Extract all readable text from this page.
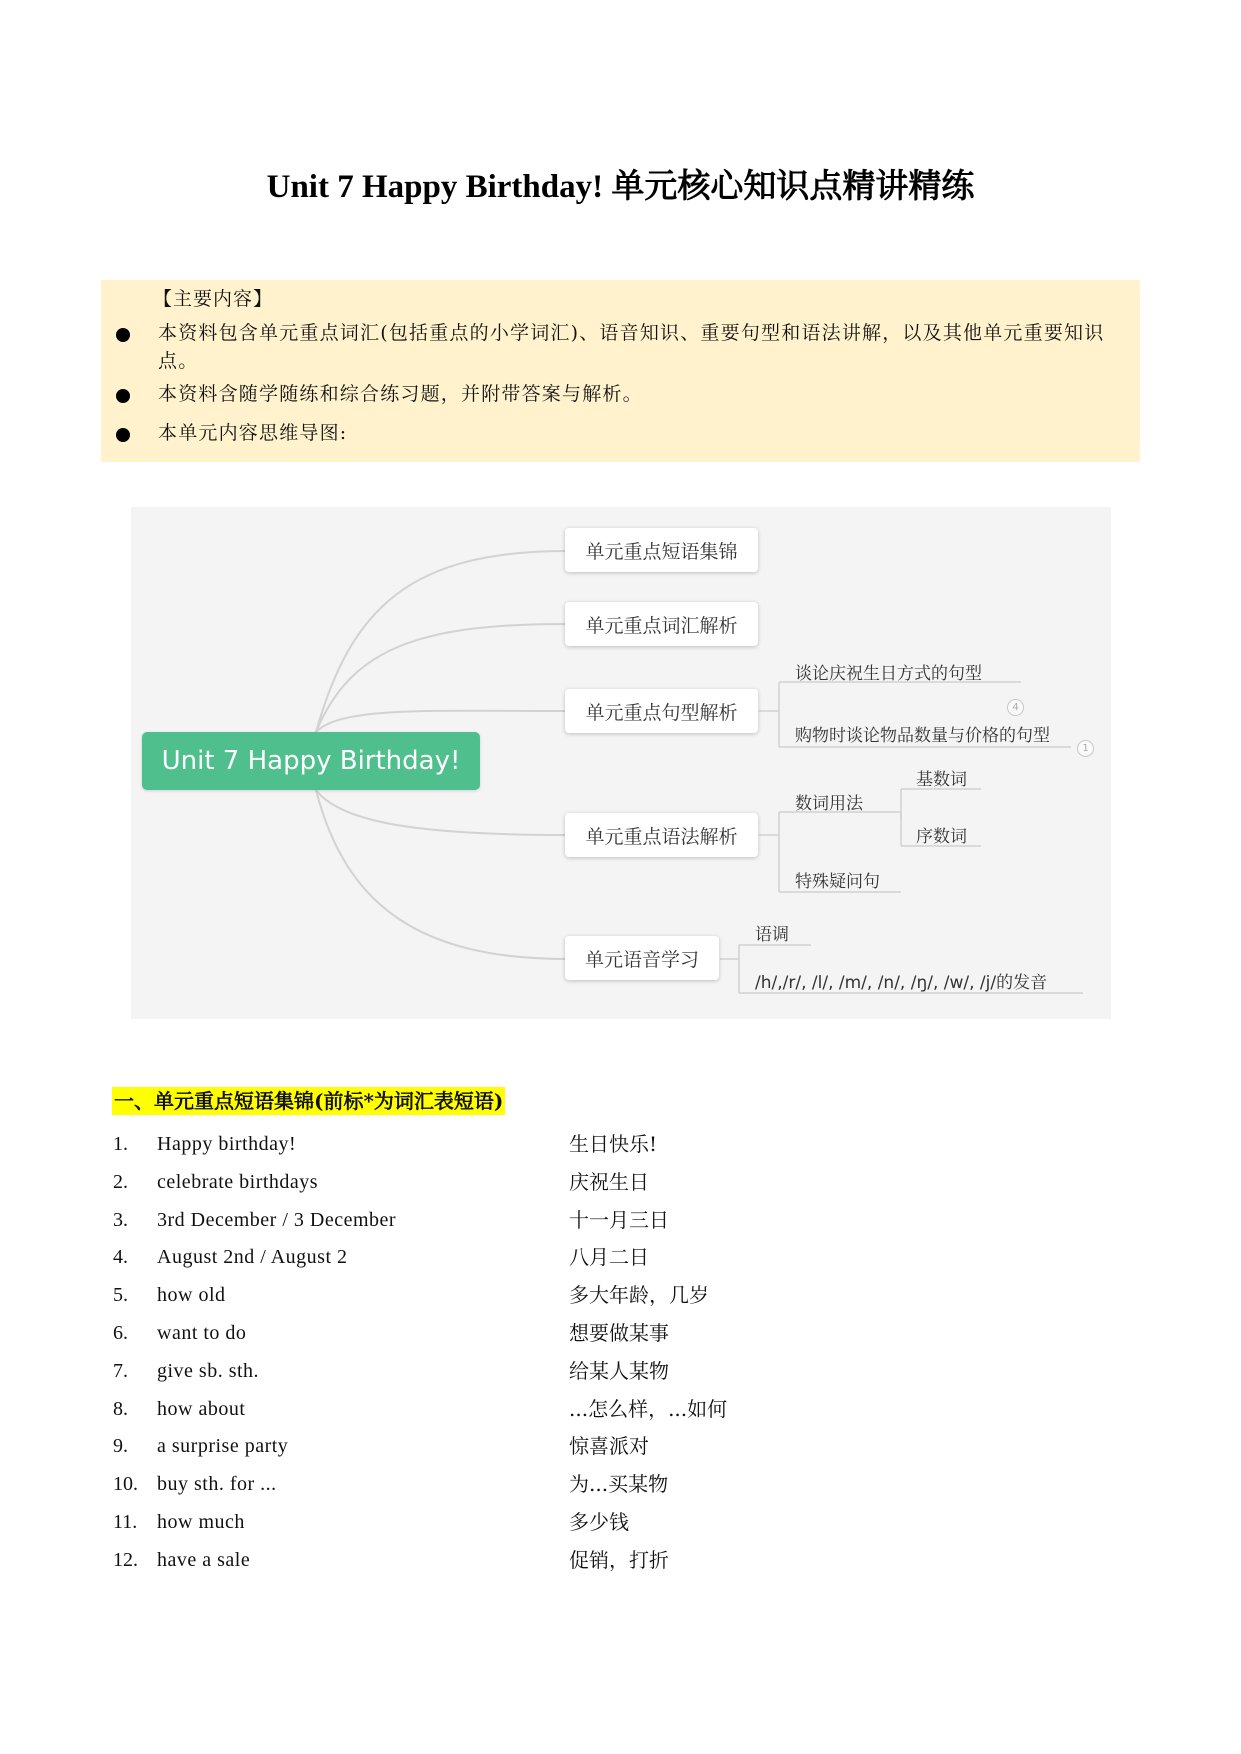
Unit 7 Happy Birthday! 单元核心知识点精讲精练
【主要内容】
本资料包含单元重点词汇(包括重点的小学词汇)、语音知识、重要句型和语法讲解，以及其他单元重要知识点。
本资料含随学随练和综合练习题，并附带答案与解析。
本单元内容思维导图:
Unit 7 Happy Birthday!
单元重点短语集锦
单元重点词汇解析
单元重点句型解析
单元重点语法解析
单元语音学习
谈论庆祝生日方式的句型
4
购物时谈论物品数量与价格的句型
1
数词用法
基数词
序数词
特殊疑问句
语调
/h/,/r/, /l/, /m/, /n/, /ŋ/, /w/, /j/的发音
一、单元重点短语集锦(前标*为词汇表短语)
1. Happy birthday!	生日快乐!
2. celebrate birthdays	庆祝生日
3. 3rd December / 3 December	十一月三日
4. August 2nd / August 2	八月二日
5. how old	多大年龄，几岁
6. want to do	想要做某事
7. give sb. sth.	给某人某物
8. how about	...怎么样，...如何
9. a surprise party	惊喜派对
10. buy sth. for ...	为...买某物
11. how much	多少钱
12. have a sale	促销，打折
